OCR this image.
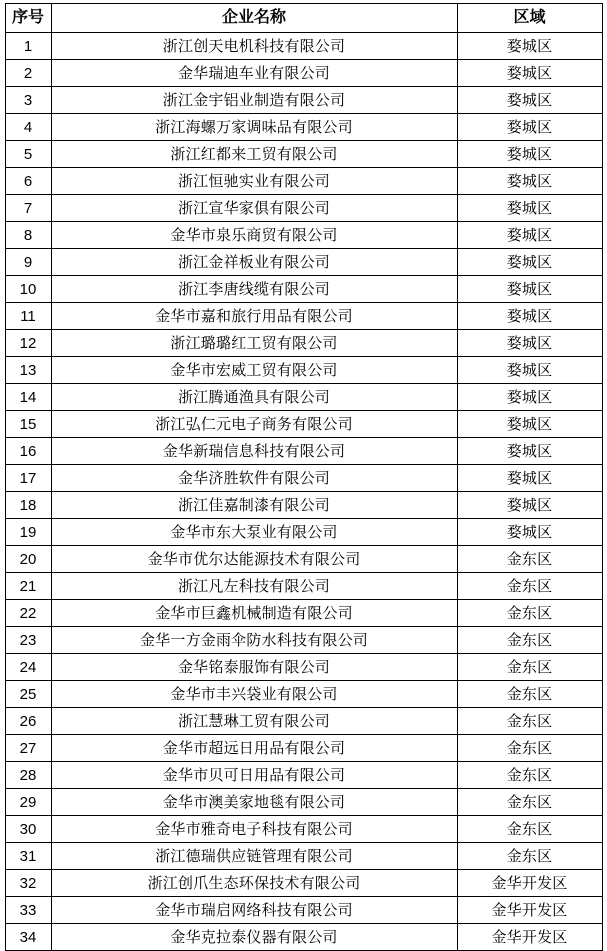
序号	企业名称	区域
1	浙江创天电机科技有限公司	婺城区
2	金华瑞迪车业有限公司	婺城区
3	浙江金宇铝业制造有限公司	婺城区
4	浙江海螺万家调味品有限公司	婺城区
5	浙江红都来工贸有限公司	婺城区
6	浙江恒驰实业有限公司	婺城区
7	浙江宣华家俱有限公司	婺城区
8	金华市泉乐商贸有限公司	婺城区
9	浙江金祥板业有限公司	婺城区
10	浙江李唐线缆有限公司	婺城区
11	金华市嘉和旅行用品有限公司	婺城区
12	浙江璐璐红工贸有限公司	婺城区
13	金华市宏威工贸有限公司	婺城区
14	浙江腾通渔具有限公司	婺城区
15	浙江弘仁元电子商务有限公司	婺城区
16	金华新瑞信息科技有限公司	婺城区
17	金华济胜软件有限公司	婺城区
18	浙江佳嘉制漆有限公司	婺城区
19	金华市东大泵业有限公司	婺城区
20	金华市优尔达能源技术有限公司	金东区
21	浙江凡左科技有限公司	金东区
22	金华市巨鑫机械制造有限公司	金东区
23	金华一方金雨伞防水科技有限公司	金东区
24	金华铭泰服饰有限公司	金东区
25	金华市丰兴袋业有限公司	金东区
26	浙江慧琳工贸有限公司	金东区
27	金华市超远日用品有限公司	金东区
28	金华市贝可日用品有限公司	金东区
29	金华市澳美家地毯有限公司	金东区
30	金华市雅奇电子科技有限公司	金东区
31	浙江德瑞供应链管理有限公司	金东区
32	浙江创爪生态环保技术有限公司	金华开发区
33	金华市瑞启网络科技有限公司	金华开发区
34	金华克拉泰仪器有限公司	金华开发区
